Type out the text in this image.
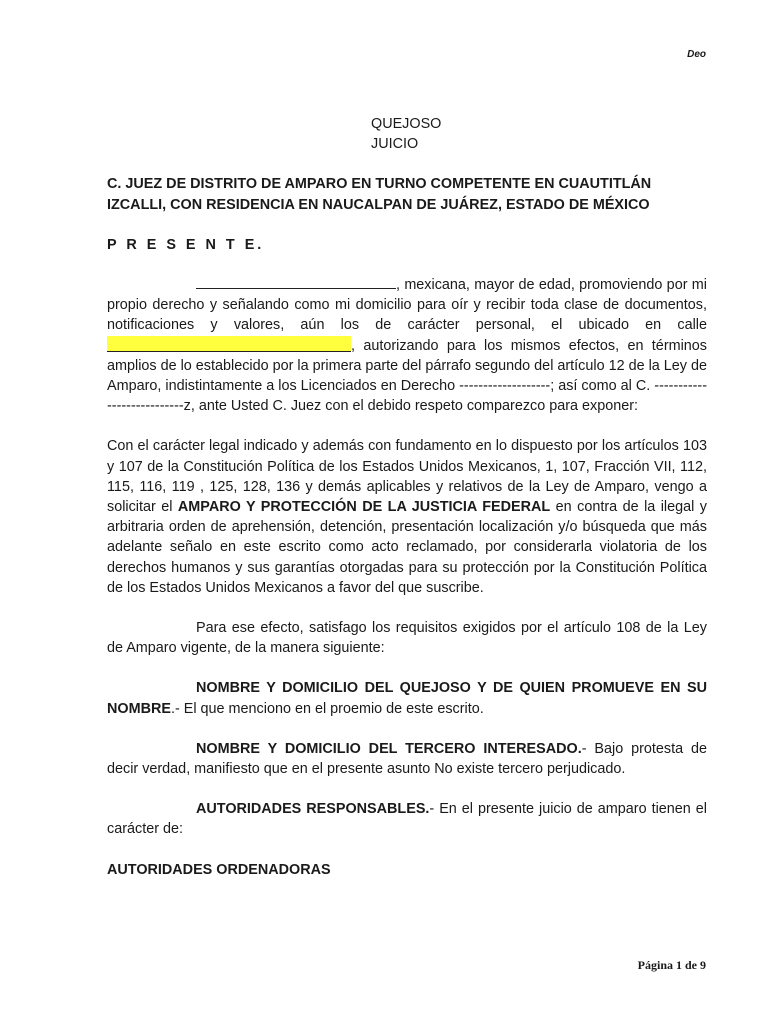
Deo
QUEJOSO
JUICIO
C. JUEZ DE DISTRITO DE AMPARO EN TURNO COMPETENTE EN CUAUTITLÁN
IZCALLI, CON RESIDENCIA EN NAUCALPAN DE JUÁREZ, ESTADO DE MÉXICO
P R E S E N T E.

, mexicana, mayor de edad, promoviendo por mi propio derecho y señalando como mi domicilio para oír y recibir toda clase de documentos, notificaciones y valores, aún los de carácter personal, el ubicado en calle , autorizando para los mismos efectos, en términos amplios de lo establecido por la primera parte del párrafo segundo del artículo 12 de la Ley de Amparo, indistintamente a los Licenciados en Derecho -------------------; así como al C. ---------------------------z, ante Usted C. Juez con el debido respeto comparezco para exponer:

Con el carácter legal indicado y además con fundamento en lo dispuesto por los artículos 103 y 107 de la Constitución Política de los Estados Unidos Mexicanos, 1, 107, Fracción VII, 112, 115, 116, 119 , 125, 128, 136 y demás aplicables y relativos de la Ley de Amparo, vengo a solicitar el AMPARO Y PROTECCIÓN DE LA JUSTICIA FEDERAL en contra de la ilegal y arbitraria orden de aprehensión, detención, presentación localización y/o búsqueda que más adelante señalo en este escrito como acto reclamado, por considerarla violatoria de los derechos humanos y sus garantías otorgadas para su protección por la Constitución Política de los Estados Unidos Mexicanos a favor del que suscribe.

Para ese efecto, satisfago los requisitos exigidos por el artículo 108 de la Ley de Amparo vigente, de la manera siguiente:

NOMBRE Y DOMICILIO DEL QUEJOSO Y DE QUIEN PROMUEVE EN SU NOMBRE.- El que menciono en el proemio de este escrito.

NOMBRE Y DOMICILIO DEL TERCERO INTERESADO.- Bajo protesta de decir verdad, manifiesto que en el presente asunto No existe tercero perjudicado.

AUTORIDADES RESPONSABLES.- En el presente juicio de amparo tienen el carácter de:

AUTORIDADES ORDENADORAS

Página 1 de 9
